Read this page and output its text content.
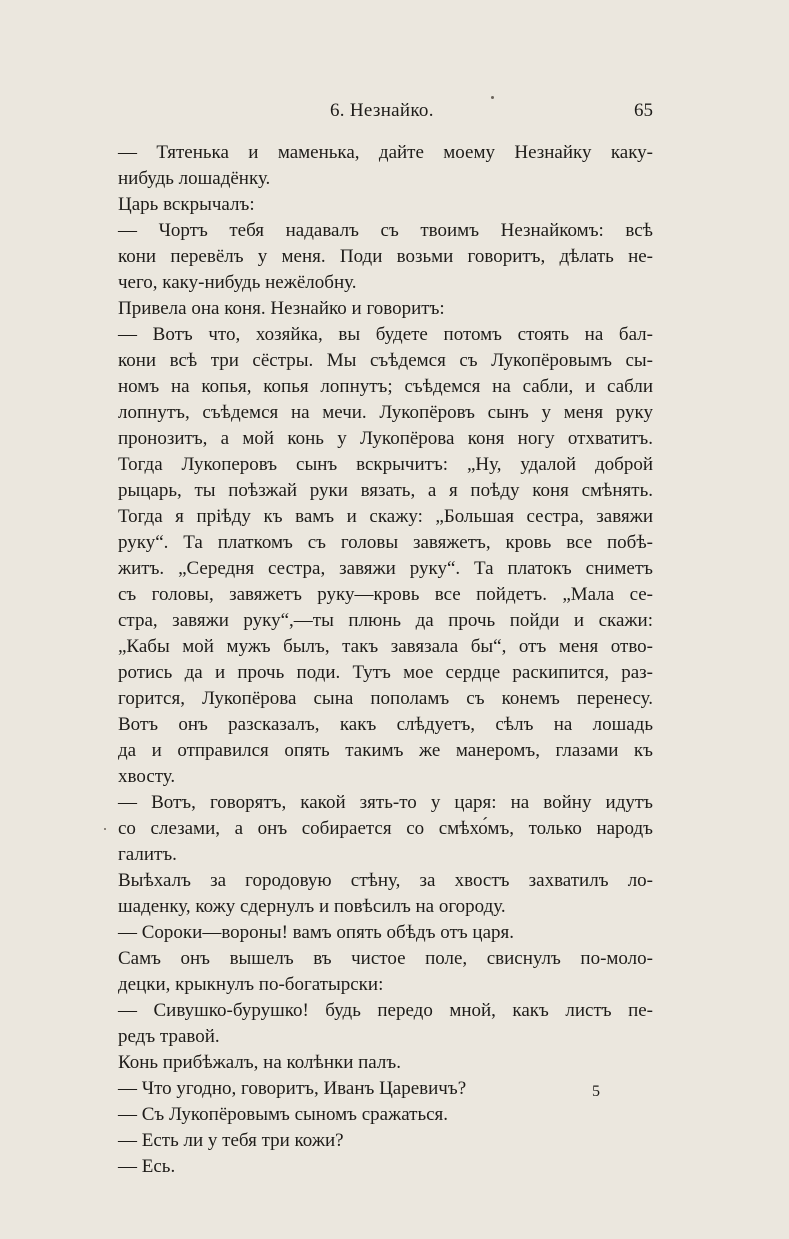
6. Незнайко.	65
— Тятенька и маменька, дайте моему Незнайку каку-
нибудь лошадёнку.
Царь вскрычалъ:
— Чортъ тебя надавалъ съ твоимъ Незнайкомъ: всѣ
кони перевёлъ у меня. Поди возьми говоритъ, дѣлать не-
чего, каку-нибудь нежёлобну.
Привела она коня. Незнайко и говоритъ:
— Вотъ что, хозяйка, вы будете потомъ стоять на бал-
кони всѣ три сёстры. Мы съѣдемся съ Лукопёровымъ сы-
номъ на копья, копья лопнутъ; съѣдемся на сабли, и сабли
лопнутъ, съѣдемся на мечи. Лукопёровъ сынъ у меня руку
пронозитъ, а мой конь у Лукопёрова коня ногу отхватитъ.
Тогда Лукоперовъ сынъ вскрычитъ: „Ну, удалой доброй
рыцарь, ты поѣзжай руки вязать, а я поѣду коня смѣнять.
Тогда я пріѣду къ вамъ и скажу: „Большая сестра, завяжи
руку“. Та платкомъ съ головы завяжетъ, кровь все побѣ-
житъ. „Середня сестра, завяжи руку“. Та платокъ сниметъ
съ головы, завяжетъ руку—кровь все пойдетъ. „Мала се-
стра, завяжи руку“,—ты плюнь да прочь пойди и скажи:
„Кабы мой мужъ былъ, такъ завязала бы“, отъ меня отво-
ротись да и прочь поди. Тутъ мое сердце раскипится, раз-
горится, Лукопёрова сына пополамъ съ конемъ перенесу.
Вотъ онъ разсказалъ, какъ слѣдуетъ, сѣлъ на лошадь
да и отправился опять такимъ же манеромъ, глазами къ
хвосту.
— Вотъ, говорятъ, какой зять-то у царя: на войну идутъ
со слезами, а онъ собирается со смѣхо́мъ, только народъ
галитъ.
Выѣхалъ за городовую стѣну, за хвостъ захватилъ ло-
шаденку, кожу сдернулъ и повѣсилъ на огороду.
— Сороки—вороны! вамъ опять обѣдъ отъ царя.
Самъ онъ вышелъ въ чистое поле, свиснулъ по-моло-
децки, крыкнулъ по-богатырски:
— Сивушко-бурушко! будь передо мной, какъ листъ пе-
редъ травой.
Конь прибѣжалъ, на колѣнки палъ.
— Что угодно, говоритъ, Иванъ Царевичъ?
— Съ Лукопёровымъ сыномъ сражаться.
— Есть ли у тебя три кожи?
— Есь.
5
